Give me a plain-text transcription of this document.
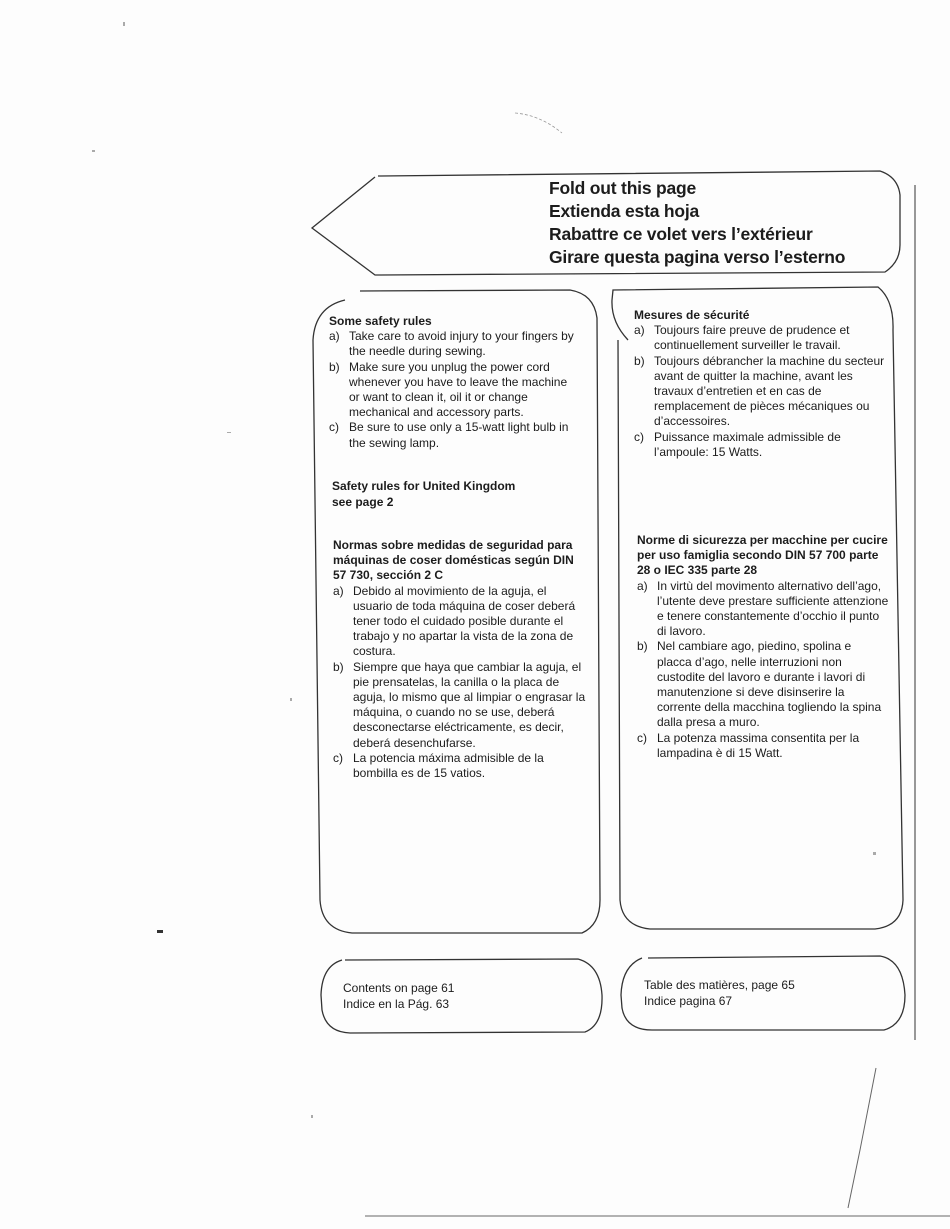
Fold out this page
Extienda esta hoja
Rabattre ce volet vers l’extérieur
Girare questa pagina verso l’esterno
Some safety rules
a) Take care to avoid injury to your fingers by the needle during sewing.
b) Make sure you unplug the power cord whenever you have to leave the machine or want to clean it, oil it or change mechanical and accessory parts.
c) Be sure to use only a 15-watt light bulb in the sewing lamp.
Safety rules for United Kingdom
see page 2
Normas sobre medidas de seguridad para máquinas de coser domésticas según DIN 57 730, sección 2 C
a) Debido al movimiento de la aguja, el usuario de toda máquina de coser deberá tener todo el cuidado posible durante el trabajo y no apartar la vista de la zona de costura.
b) Siempre que haya que cambiar la aguja, el pie prensatelas, la canilla o la placa de aguja, lo mismo que al limpiar o engrasar la máquina, o cuando no se use, deberá desconectarse eléctricamente, es decir, deberá desenchufarse.
c) La potencia máxima admisible de la bombilla es de 15 vatios.
Mesures de sécurité
a) Toujours faire preuve de prudence et continuellement surveiller le travail.
b) Toujours débrancher la machine du secteur avant de quitter la machine, avant les travaux d’entretien et en cas de remplacement de pièces mécaniques ou d’accessoires.
c) Puissance maximale admissible de l’ampoule: 15 Watts.
Norme di sicurezza per macchine per cucire per uso famiglia secondo DIN 57 700 parte 28 o IEC 335 parte 28
a) In virtù del movimento alternativo dell’ago, l’utente deve prestare sufficiente attenzione e tenere constantemente d’occhio il punto di lavoro.
b) Nel cambiare ago, piedino, spolina e placca d’ago, nelle interruzioni non custodite del lavoro e durante i lavori di manutenzione si deve disinserire la corrente della macchina togliendo la spina dalla presa a muro.
c) La potenza massima consentita per la lampadina è di 15 Watt.
Contents on page 61
Indice en la Pág. 63
Table des matières, page 65
Indice pagina 67
